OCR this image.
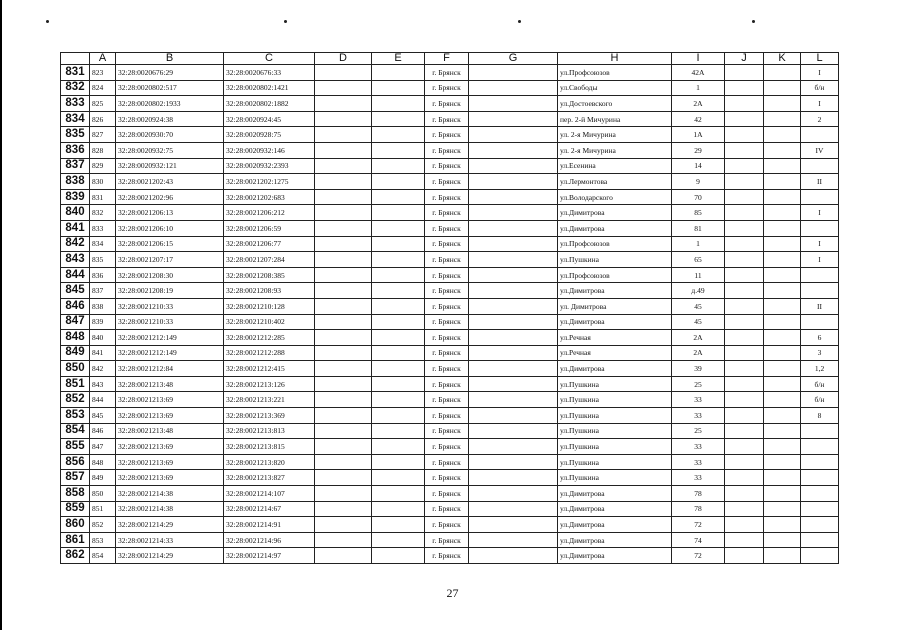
	A	B	C	D	E	F	G	H	I	J	K	L
831	823	32:28:0020676:29	32:28:0020676:33			г. Брянск		ул.Профсоюзов	42А			I
832	824	32:28:0020802:517	32:28:0020802:1421			г. Брянск		ул.Свободы	1			б/н
833	825	32:28:0020802:1933	32:28:0020802:1882			г. Брянск		ул.Достоевского	2А			I
834	826	32:28:0020924:38	32:28:0020924:45			г. Брянск		пер. 2-й Мичурина	42			2
835	827	32:28:0020930:70	32:28:0020928:75			г. Брянск		ул. 2-я Мичурина	1А			
836	828	32:28:0020932:75	32:28:0020932:146			г. Брянск		ул. 2-я Мичурина	29			IV
837	829	32:28:0020932:121	32:28:0020932:2393			г. Брянск		ул.Есенина	14			
838	830	32:28:0021202:43	32:28:0021202:1275			г. Брянск		ул.Лермонтова	9			II
839	831	32:28:0021202:96	32:28:0021202:683			г. Брянск		ул.Володарского	70			
840	832	32:28:0021206:13	32:28:0021206:212			г. Брянск		ул.Димитрова	85			I
841	833	32:28:0021206:10	32:28:0021206:59			г. Брянск		ул.Димитрова	81			
842	834	32:28:0021206:15	32:28:0021206:77			г. Брянск		ул.Профсоюзов	1			I
843	835	32:28:0021207:17	32:28:0021207:284			г. Брянск		ул.Пушкина	65			I
844	836	32:28:0021208:30	32:28:0021208:385			г. Брянск		ул.Профсоюзов	11			
845	837	32:28:0021208:19	32:28:0021208:93			г. Брянск		ул.Димитрова	д.49			
846	838	32:28:0021210:33	32:28:0021210:128			г. Брянск		ул. Димитрова	45			II
847	839	32:28:0021210:33	32:28:0021210:402			г. Брянск		ул.Димитрова	45			
848	840	32:28:0021212:149	32:28:0021212:285			г. Брянск		ул.Речная	2А			6
849	841	32:28:0021212:149	32:28:0021212:288			г. Брянск		ул.Речная	2А			3
850	842	32:28:0021212:84	32:28:0021212:415			г. Брянск		ул.Димитрова	39			1,2
851	843	32:28:0021213:48	32:28:0021213:126			г. Брянск		ул.Пушкина	25			б/н
852	844	32:28:0021213:69	32:28:0021213:221			г. Брянск		ул.Пушкина	33			б/н
853	845	32:28:0021213:69	32:28:0021213:369			г. Брянск		ул.Пушкина	33			8
854	846	32:28:0021213:48	32:28:0021213:813			г. Брянск		ул.Пушкина	25			
855	847	32:28:0021213:69	32:28:0021213:815			г. Брянск		ул.Пушкина	33			
856	848	32:28:0021213:69	32:28:0021213:820			г. Брянск		ул.Пушкина	33			
857	849	32:28:0021213:69	32:28:0021213:827			г. Брянск		ул.Пушкина	33			
858	850	32:28:0021214:38	32:28:0021214:107			г. Брянск		ул.Димитрова	78			
859	851	32:28:0021214:38	32:28:0021214:67			г. Брянск		ул.Димитрова	78			
860	852	32:28:0021214:29	32:28:0021214:91			г. Брянск		ул.Димитрова	72			
861	853	32:28:0021214:33	32:28:0021214:96			г. Брянск		ул.Димитрова	74			
862	854	32:28:0021214:29	32:28:0021214:97			г. Брянск		ул.Димитрова	72			
27
